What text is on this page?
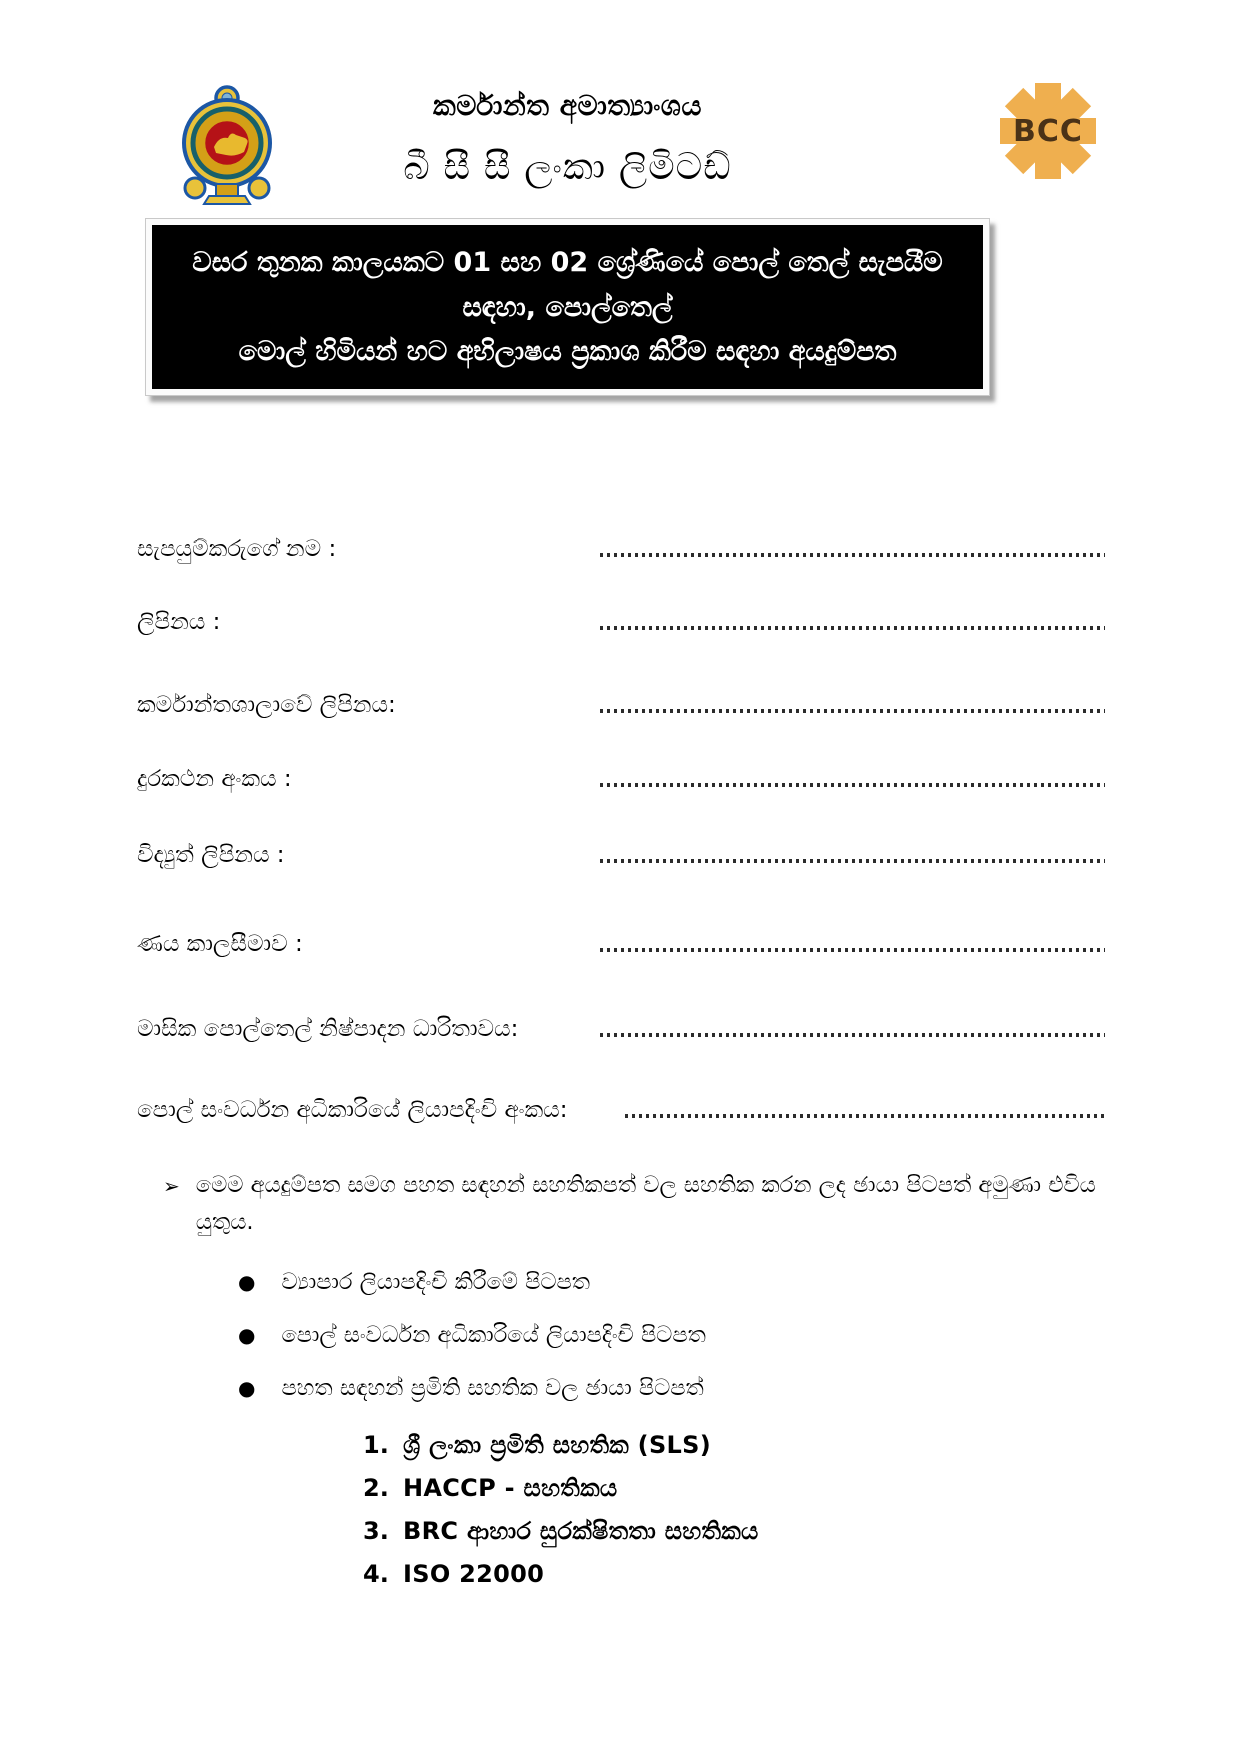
කර්මාන්ත අමාත්‍යාංශය
බී සී සී ලංකා ලිමිටඩ්
BCC
වසර තුනක කාලයකට 01 සහ 02 ශ්‍රේණියේ පොල් තෙල් සැපයීම සඳහා, පොල්තෙල්
මොල් හිමියන් හට අභිලාෂය ප්‍රකාශ කිරීම සඳහා අයදුම්පත
සැපයුම්කරුගේ නම :
ලිපිනය :
කර්මාන්තශාලාවේ ලිපිනය:
දුරකථන අංකය :
විද්‍යුත් ලිපිනය :
ණය කාලසීමාව :
මාසික පොල්තෙල් නිෂ්පාදන ධාරිතාවය:
පොල් සංවර්ධන අධිකාරියේ ලියාපදිංචි අංකය:
➢ මෙම අයදුම්පත සමග පහත සඳහන් සහතිකපත් වල සහතික කරන ලද ඡායා පිටපත් අමුණා එවිය යුතුය.
● ව්‍යාපාර ලියාපදිංචි කිරීමේ පිටපත
● පොල් සංවර්ධන අධිකාරියේ ලියාපදිංචි පිටපත
● පහත සඳහන් ප්‍රමිති සහතික වල ඡායා පිටපත්
1. ශ්‍රී ලංකා ප්‍රමිති සහතික (SLS)
2. HACCP - සහතිකය
3. BRC ආහාර සුරක්ෂිතතා සහතිකය
4. ISO 22000
